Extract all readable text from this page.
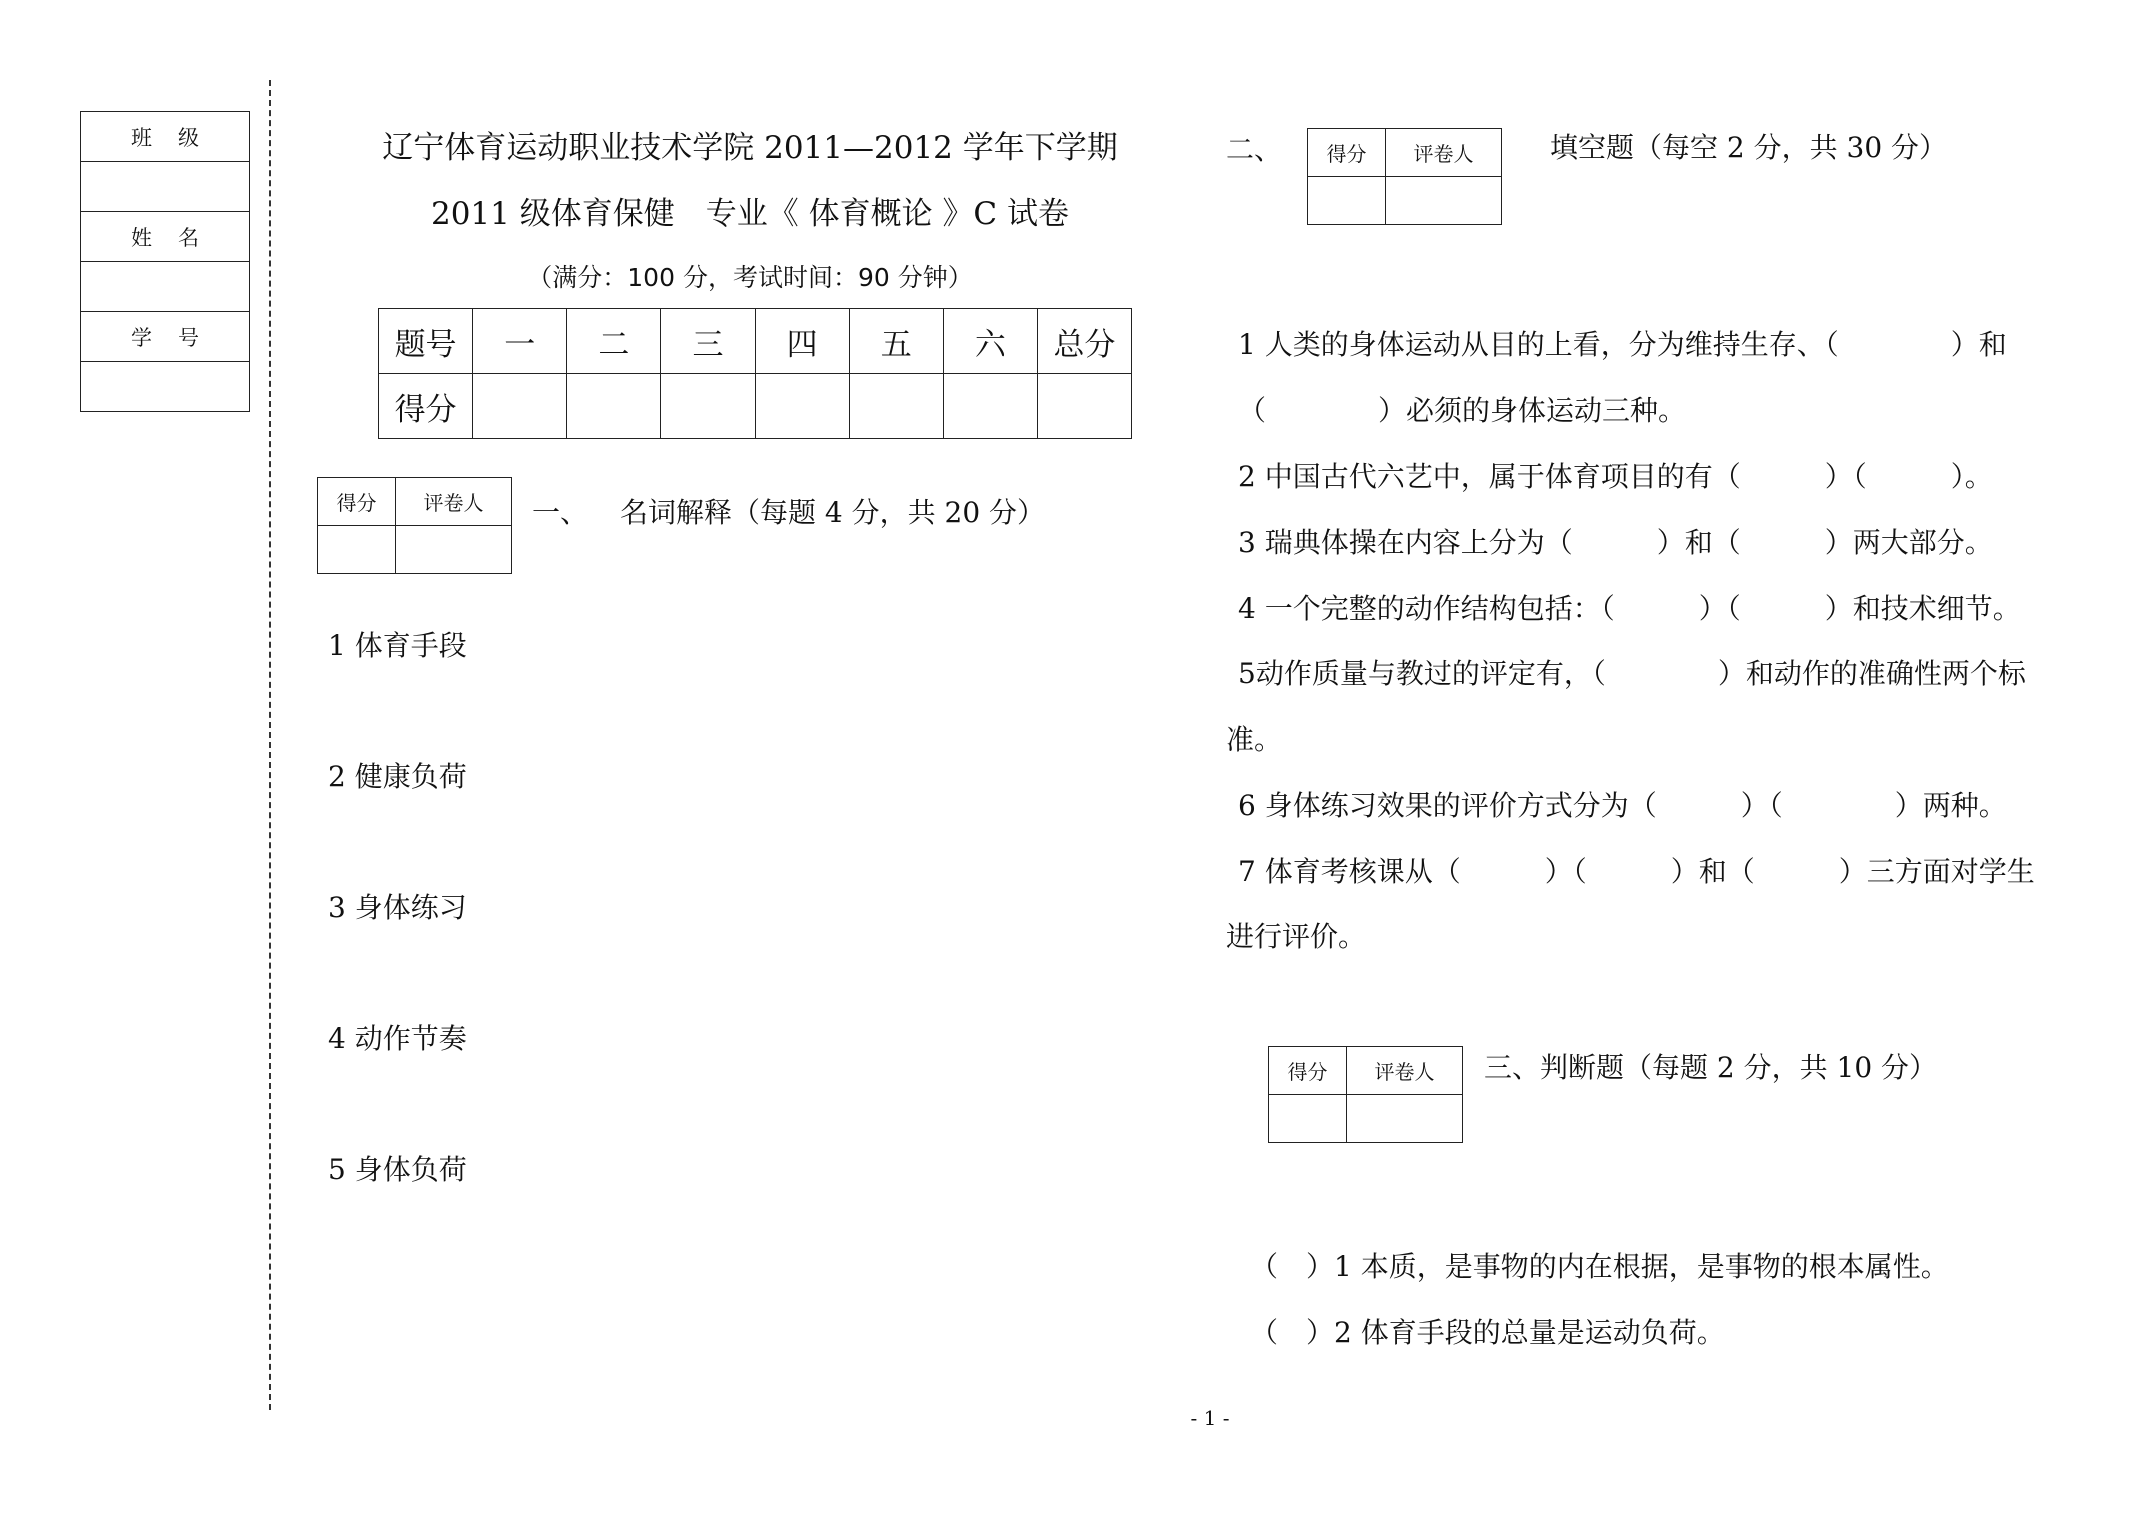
班级

姓名

学号

辽宁体育运动职业技术学院 2011—2012 学年下学期
2011 级体育保健　专业《 体育概论 》C 试卷
（满分：100 分，考试时间：90 分钟）
题号	一	二	三	四	五	六	总分
得分							
得分	评卷人
	一、 名词解释（每题 4 分，共 20 分）
1 体育手段
2 健康负荷
3 身体练习
4 动作节奏
5 身体负荷
二、 得分	评卷人
		填空题（每空 2 分，共 30 分）
1 人类的身体运动从目的上看，分为维持生存、（　　　　）和
（　　　　）必须的身体运动三种。
2 中国古代六艺中，属于体育项目的有（　　　）（　　　）。
3 瑞典体操在内容上分为（　　　）和（　　　）两大部分。
4 一个完整的动作结构包括：（　　　）（　　　）和技术细节。
5动作质量与教过的评定有，（　　　　）和动作的准确性两个标
准。
6 身体练习效果的评价方式分为（　　　）（　　　　）两种。
7 体育考核课从（　　　）（　　　）和（　　　）三方面对学生
进行评价。
得分	评卷人
	三、判断题（每题 2 分，共 10 分）
（　）1 本质，是事物的内在根据，是事物的根本属性。
（　）2 体育手段的总量是运动负荷。
- 1 -
